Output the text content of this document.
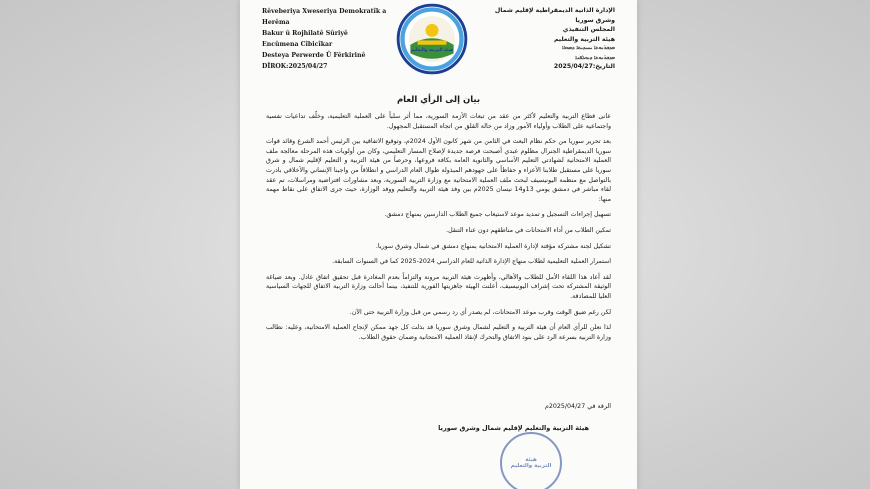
Rêveberiya Xweseriya Demokratîk a Herêma
Bakur û Rojhilatê Sûriyê
Encûmena Cîbicîkar
Desteya Perwerde Û Fêrkirinê
هيئة التربية والتعليم
الإدارة الذاتية الديمقراطية لإقليم شمال وشرق سوريا
المجلس التنفيذي
هيئة التربية والتعليم
ܡܕܒܪܢܘܬܐ ܝܚܝܕܝܬܐ ܕܡܘܪܐ
ܡܕܒܪܢܘܬܐ ܕܝܘܠܦܢܐ
DÎROK:2025/04/27	التاريخ:2025/04/27
بيان إلى الرأي العام

عانى قطاع التربية والتعليم لأكثر من عقد من تبعات الأزمة السورية، مما أثر سلباً على العملية التعليمية، وخلّف تداعيات نفسية واجتماعية على الطلاب وأولياء الأمور وزاد من حالة القلق من اتجاه المستقبل المجهول.

بعد تحرير سوريا من حكم نظام البعث في الثامن من شهر كانون الأول 2024م، وتوقيع الاتفاقية بين الرئيس أحمد الشرع وقائد قوات سوريا الديمقراطية الجنرال مظلوم عبدي أصبحت فرصة جديدة لإصلاح المسار التعليمي، وكان من أولويات هذه المرحلة معالجة ملف العملية الامتحانية لشهادتي التعليم الأساسي والثانوية العامة بكافة فروعها، وحرصاً من هيئة التربية و التعليم لإقليم شمال و شرق سوريا على مستقبل طلابنا الأعزاء و حفاظاً على جهودهم المبذولة طوال العام الدراسي و انطلاقاً من واجبنا الإنساني والأخلاقي بادرت بالتواصل مع منظمة اليونيسيف لبحث ملف العملية الامتحانية مع وزارة التربية السورية، وبعد مشاورات افتراضية ومراسلات، تم عقد لقاء مباشر في دمشق يومي 13و14 نيسان 2025م بين وفد هيئة التربية والتعليم ووفد الوزارة، حيث جرى الاتفاق على نقاط مهمة منها:

تسهيل إجراءات التسجيل و تمديد موعد لاستيعاب جميع الطلاب الدارسين بمنهاج دمشق.

تمكين الطلاب من أداء الامتحانات في مناطقهم دون عناء التنقل.

تشكيل لجنة مشتركة مؤقتة لإدارة العملية الامتحانية بمنهاج دمشق في شمال وشرق سوريا.

استمرار العملية التعليمية لطلاب منهاج الإدارة الذاتية للعام الدراسي 2024-2025 كما في السنوات السابقة.

لقد أعاد هذا اللقاء الأمل للطلاب والأهالي، وأظهرت هيئة التربية مرونة والتزاماً بعدم المغادرة قبل تحقيق اتفاق عادل. وبعد صياغة الوثيقة المشتركة تحت إشراف اليونيسيف، أعلنت الهيئة جاهزيتها الفورية للتنفيذ، بينما أحالت وزارة التربية الاتفاق للجهات السياسية العليا للمصادقة.

لكن رغم ضيق الوقت وقرب موعد الامتحانات، لم يصدر أي رد رسمي من قبل وزارة التربية حتى الآن.

لذا نعلن للرأي العام أن هيئة التربية و التعليم لشمال وشرق سوريا قد بذلت كل جهد ممكن لإنجاح العملية الامتحانية، وعليه: نطالب وزارة التربية بسرعة الرد على بنود الاتفاق والتحرك لإنقاذ العملية الامتحانية وضمان حقوق الطلاب.

الرقة في 2025/04/27م
هيئة التربية والتعليم لإقليم شمال وشرق سوريا
هيئة
التربية والتعليم
